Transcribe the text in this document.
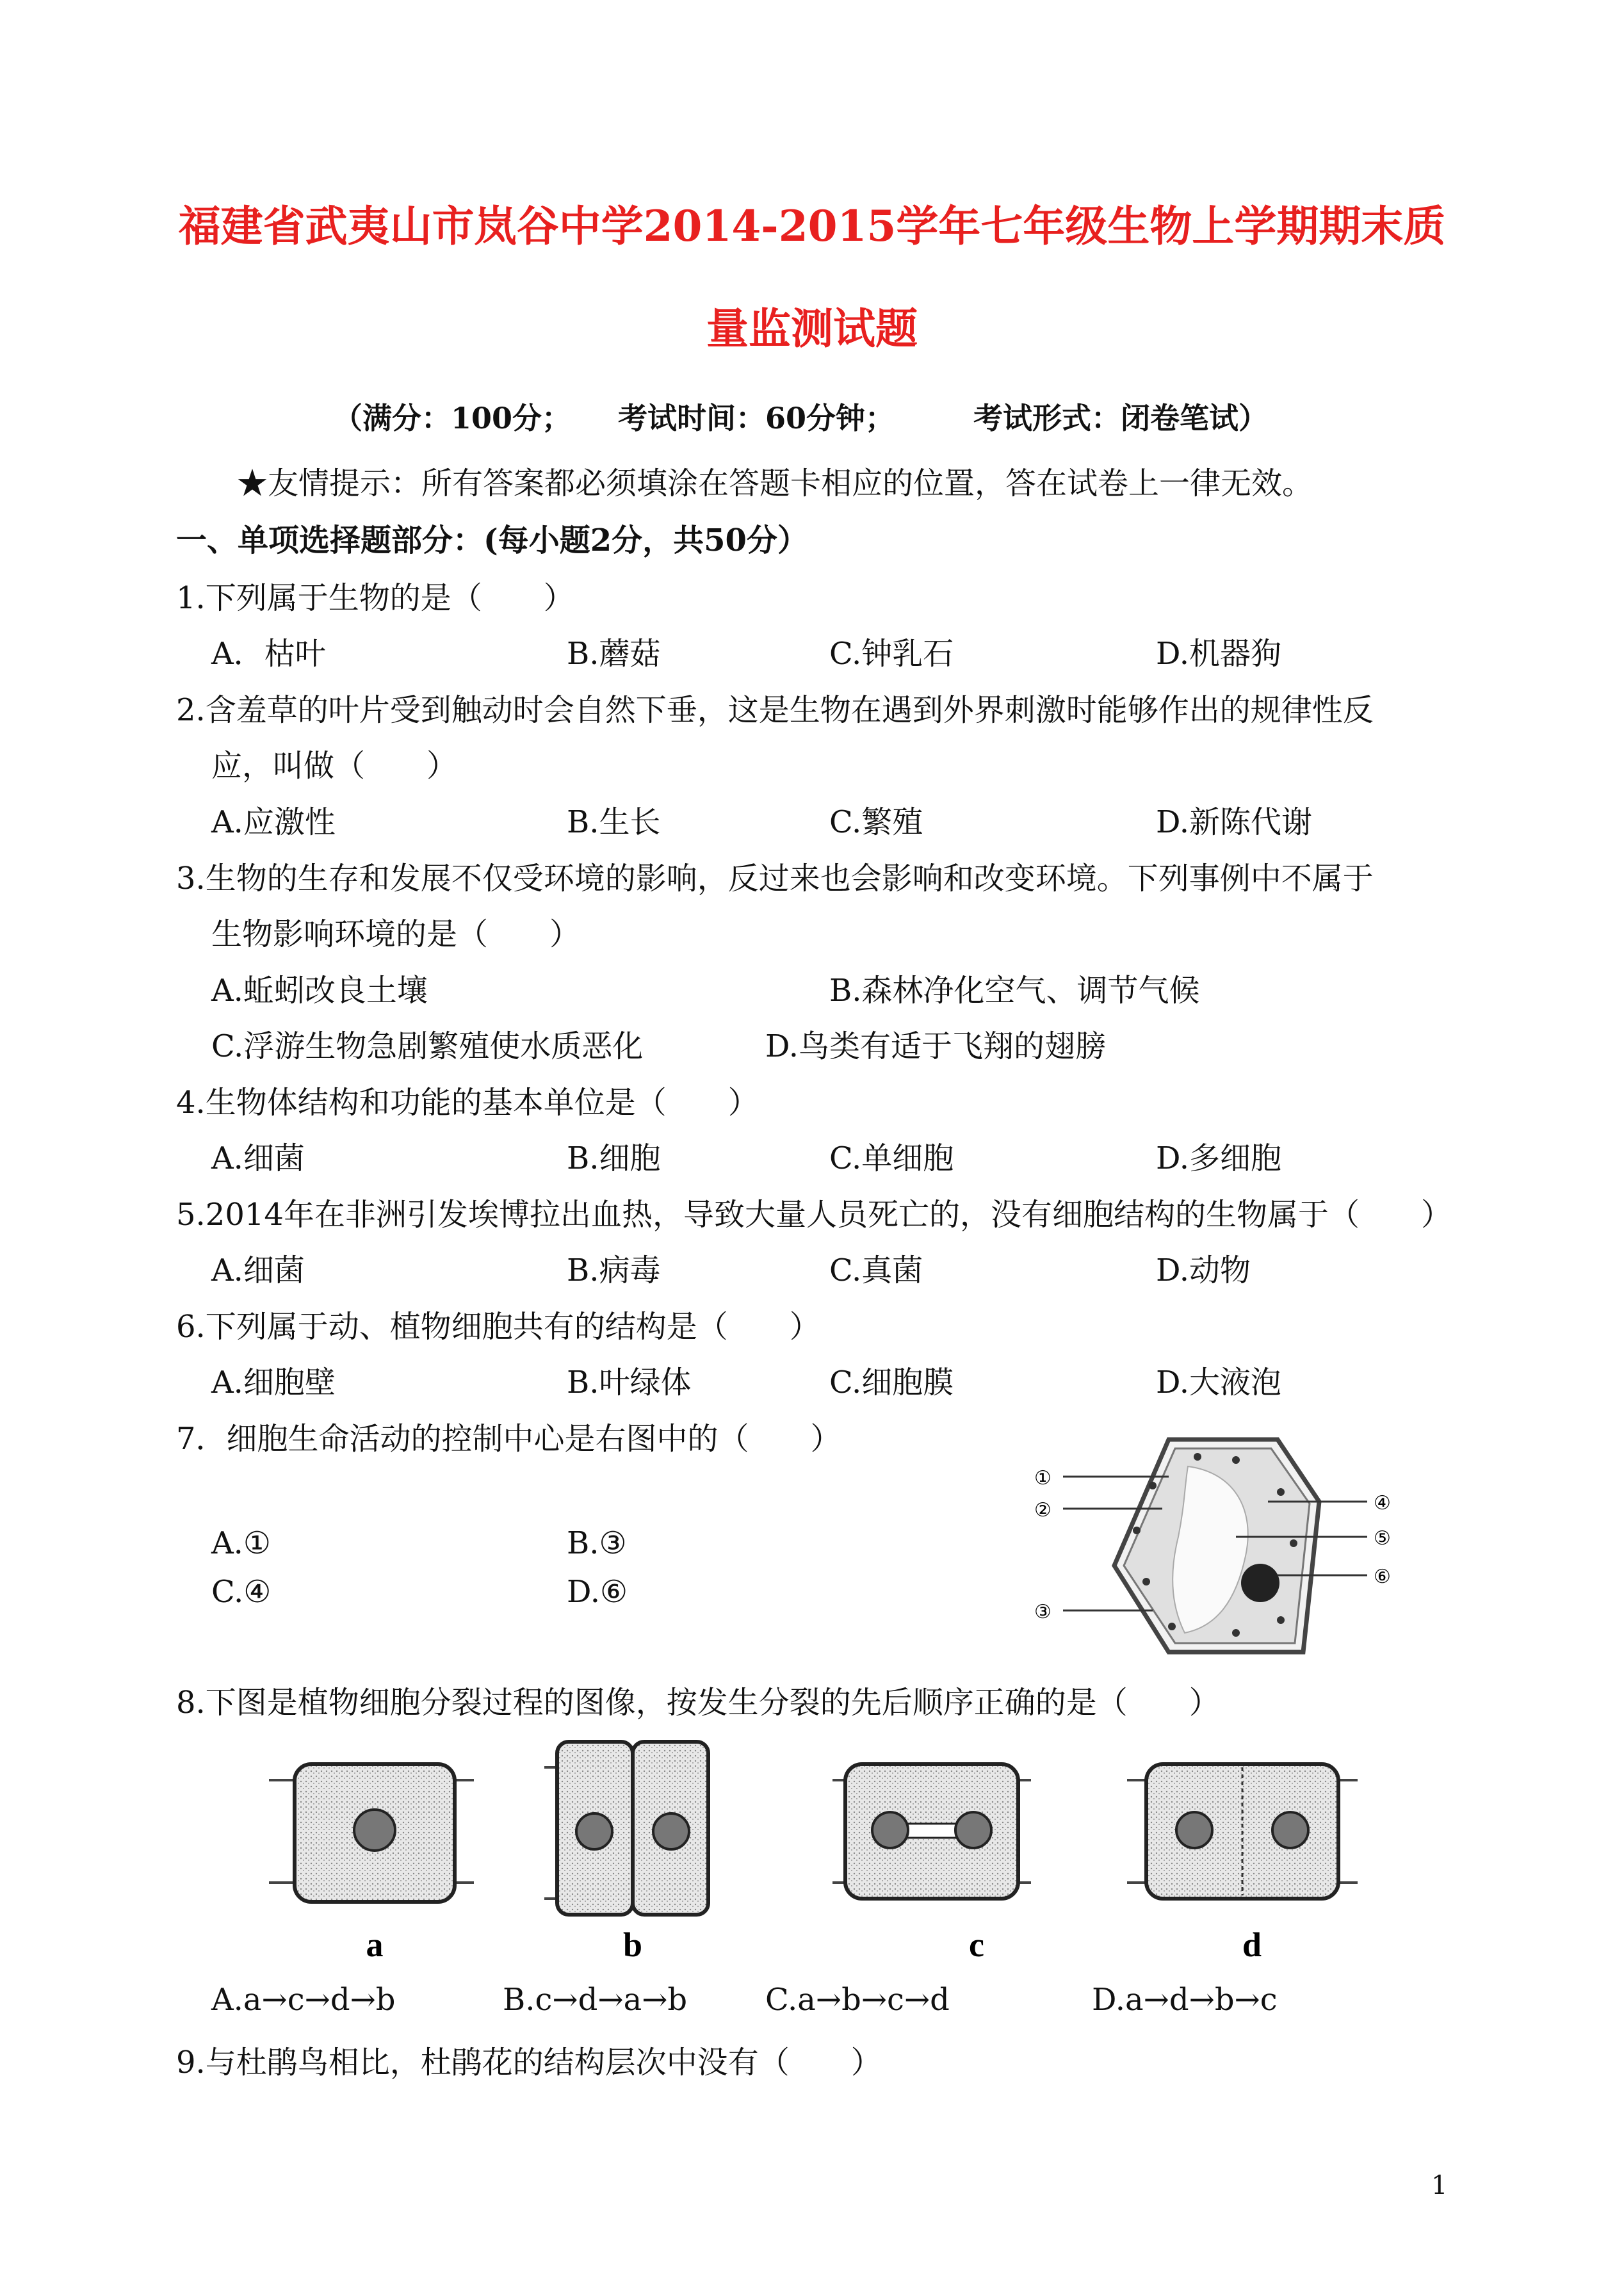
福建省武夷山市岚谷中学2014-2015学年七年级生物上学期期末质
量监测试题
（满分：100分； 考试时间：60分钟；	考试形式：闭卷笔试）
★友情提示：所有答案都必须填涂在答题卡相应的位置，答在试卷上一律无效。
一、单项选择题部分：(每小题2分，共50分）
1.下列属于生物的是（　　）
A．枯叶	B.蘑菇	C.钟乳石	D.机器狗
2.含羞草的叶片受到触动时会自然下垂，这是生物在遇到外界刺激时能够作出的规律性反
应，叫做（　　）
A.应激性	B.生长	C.繁殖	D.新陈代谢
3.生物的生存和发展不仅受环境的影响，反过来也会影响和改变环境。下列事例中不属于
生物影响环境的是（　　）
A.蚯蚓改良土壤	B.森林净化空气、调节气候
C.浮游生物急剧繁殖使水质恶化	D.鸟类有适于飞翔的翅膀
4.生物体结构和功能的基本单位是（　　）
A.细菌	B.细胞	C.单细胞	D.多细胞
5.2014年在非洲引发埃博拉出血热，导致大量人员死亡的，没有细胞结构的生物属于（　　）
A.细菌	B.病毒	C.真菌	D.动物
6.下列属于动、植物细胞共有的结构是（　　）
A.细胞壁	B.叶绿体	C.细胞膜	D.大液泡
7．细胞生命活动的控制中心是右图中的（　　）
A.①	B.③
C.④	D.⑥
①
②
③
④
⑤
⑥
8.下图是植物细胞分裂过程的图像，按发生分裂的先后顺序正确的是（　　）
a	b	c	d
A.a→c→d→b	B.c→d→a→b	C.a→b→c→d	D.a→d→b→c
9.与杜鹃鸟相比，杜鹃花的结构层次中没有（　　）
1
